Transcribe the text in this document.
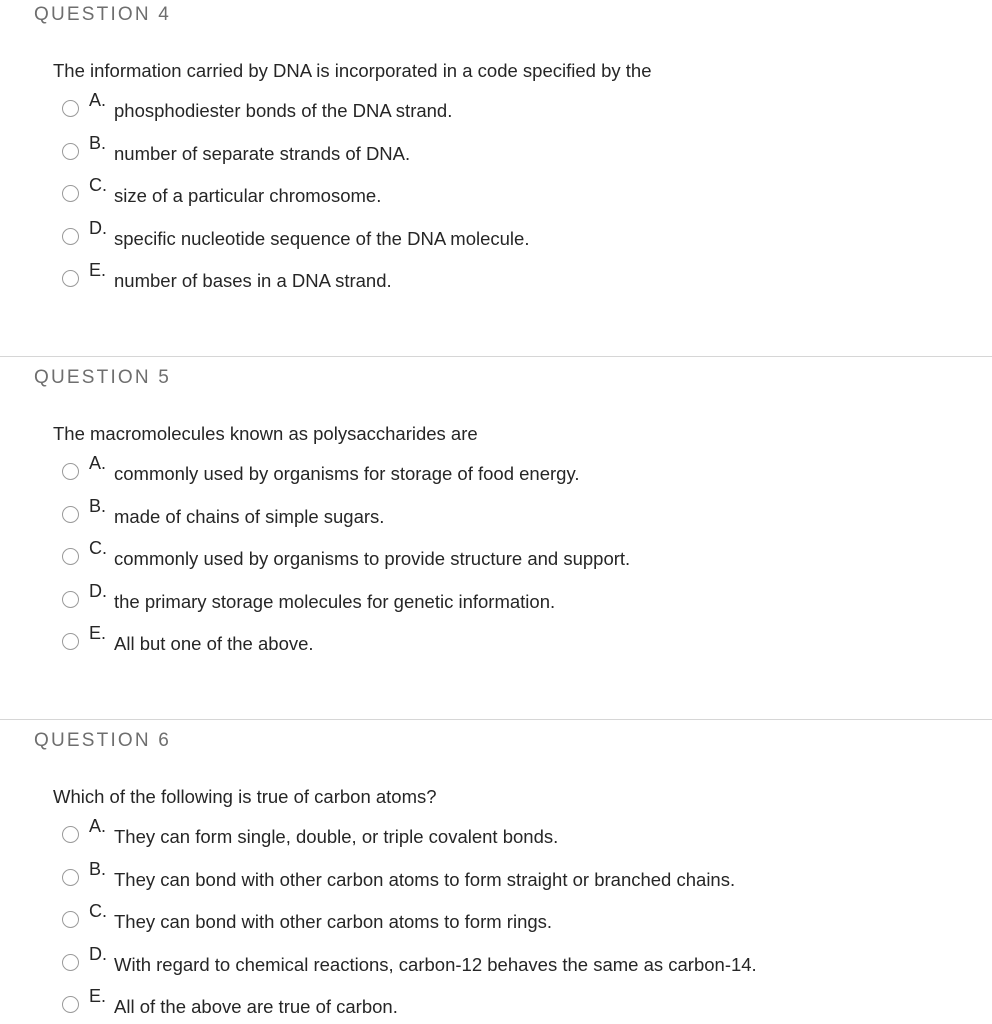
QUESTION 4
The information carried by DNA is incorporated in a code specified by the
A. phosphodiester bonds of the DNA strand.
B. number of separate strands of DNA.
C. size of a particular chromosome.
D. specific nucleotide sequence of the DNA molecule.
E. number of bases in a DNA strand.
QUESTION 5
The macromolecules known as polysaccharides are
A. commonly used by organisms for storage of food energy.
B. made of chains of simple sugars.
C. commonly used by organisms to provide structure and support.
D. the primary storage molecules for genetic information.
E. All but one of the above.
QUESTION 6
Which of the following is true of carbon atoms?
A. They can form single, double, or triple covalent bonds.
B. They can bond with other carbon atoms to form straight or branched chains.
C. They can bond with other carbon atoms to form rings.
D. With regard to chemical reactions, carbon-12 behaves the same as carbon-14.
E. All of the above are true of carbon.
